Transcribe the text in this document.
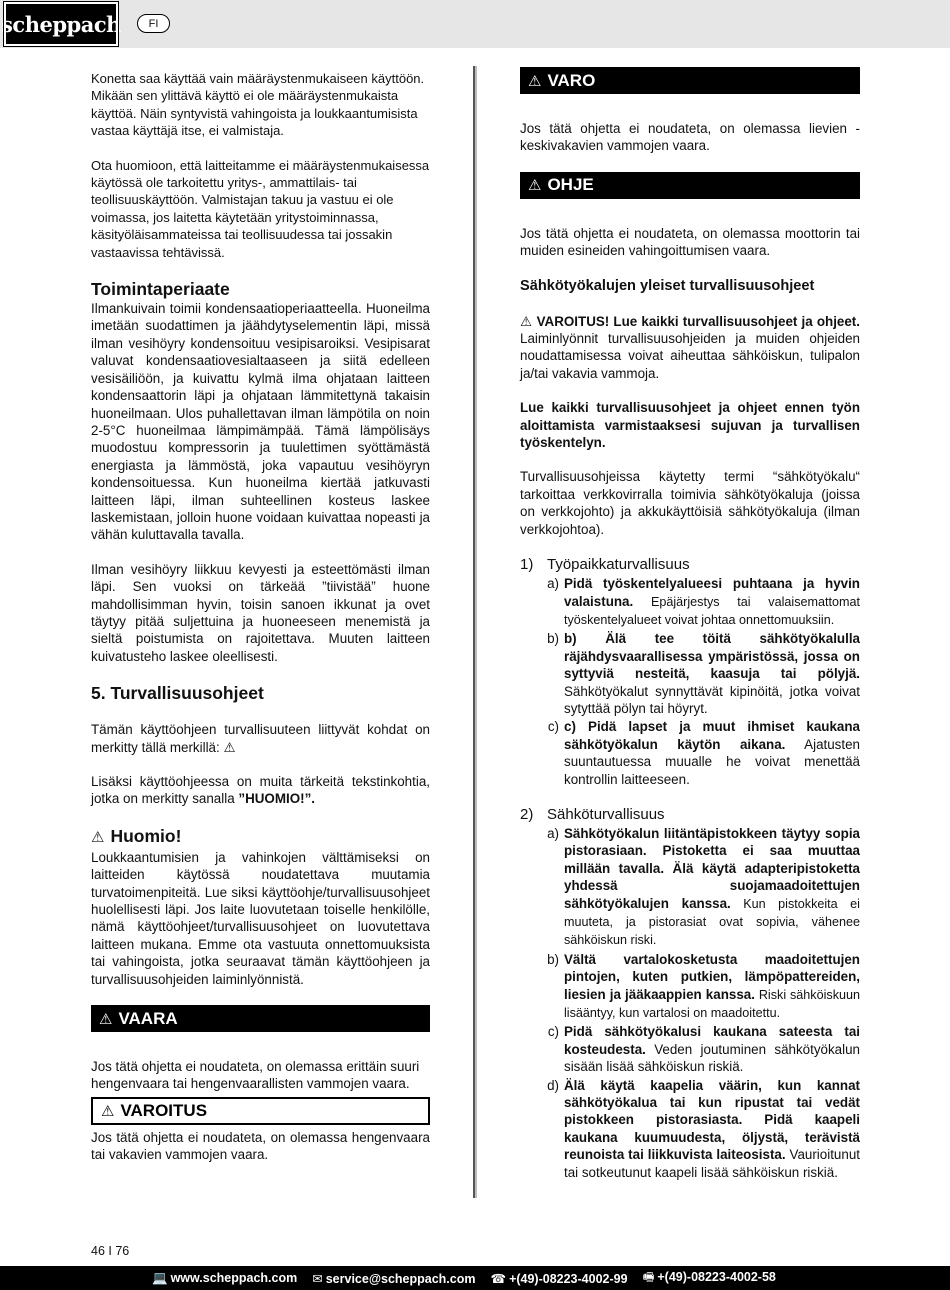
scheppach	FI

Konetta saa käyttää vain määräystenmukaiseen käyttöön. Mikään sen ylittävä käyttö ei ole määräystenmukaista käyttöä. Näin syntyvistä vahingoista ja loukkaantumisista vastaa käyttäjä itse, ei valmistaja.

Ota huomioon, että laitteitamme ei määräystenmukaisessa käytössä ole tarkoitettu yritys-, ammattilais- tai teollisuuskäyttöön. Valmistajan takuu ja vastuu ei ole voimassa, jos laitetta käytetään yritystoiminnassa, käsityöläisammateissa tai teollisuudessa tai jossakin vastaavissa tehtävissä.

Toimintaperiaate

Ilmankuivain toimii kondensaatioperiaatteella. Huoneilma imetään suodattimen ja jäähdytyselementin läpi, missä ilman vesihöyry kondensoituu vesipisaroiksi. Vesipisarat valuvat kondensaatiovesialtaaseen ja siitä edelleen vesisäiliöön, ja kuivattu kylmä ilma ohjataan laitteen kondensaattorin läpi ja ohjataan lämmitettynä takaisin huoneilmaan. Ulos puhallettavan ilman lämpötila on noin 2-5°C huoneilmaa lämpimämpää. Tämä lämpölisäys muodostuu kompressorin ja tuulettimen syöttämästä energiasta ja lämmöstä, joka vapautuu vesihöyryn kondensoituessa. Kun huoneilma kiertää jatkuvasti laitteen läpi, ilman suhteellinen kosteus laskee laskemistaan, jolloin huone voidaan kuivattaa nopeasti ja vähän kuluttavalla tavalla.

Ilman vesihöyry liikkuu kevyesti ja esteettömästi ilman läpi. Sen vuoksi on tärkeää ”tiivistää” huone mahdollisimman hyvin, toisin sanoen ikkunat ja ovet täytyy pitää suljettuina ja huoneeseen menemistä ja sieltä poistumista on rajoitettava. Muuten laitteen kuivatusteho laskee oleellisesti.

5. Turvallisuusohjeet

Tämän käyttöohjeen turvallisuuteen liittyvät kohdat on merkitty tällä merkillä: ⚠

Lisäksi käyttöohjeessa on muita tärkeitä tekstinkohtia, jotka on merkitty sanalla ”HUOMIO!”.

⚠ Huomio!

Loukkaantumisien ja vahinkojen välttämiseksi on laitteiden käytössä noudatettava muutamia turvatoimenpiteitä. Lue siksi käyttöohje/turvallisuusohjeet huolellisesti läpi. Jos laite luovutetaan toiselle henkilölle, nämä käyttöohjeet/turvallisuusohjeet on luovutettava laitteen mukana. Emme ota vastuuta onnettomuuksista tai vahingoista, jotka seuraavat tämän käyttöohjeen ja turvallisuusohjeiden laiminlyönnistä.

⚠ VAARA

Jos tätä ohjetta ei noudateta, on olemassa erittäin suuri hengenvaara tai hengenvaarallisten vammojen vaara.

⚠ VAROITUS

Jos tätä ohjetta ei noudateta, on olemassa hengenvaara tai vakavien vammojen vaara.

⚠ VARO

Jos tätä ohjetta ei noudateta, on olemassa lievien - keskivakavien vammojen vaara.

⚠ OHJE

Jos tätä ohjetta ei noudateta, on olemassa moottorin tai muiden esineiden vahingoittumisen vaara.

Sähkötyökalujen yleiset turvallisuusohjeet

⚠ VAROITUS! Lue kaikki turvallisuusohjeet ja ohjeet. Laiminlyönnit turvallisuusohjeiden ja muiden ohjeiden noudattamisessa voivat aiheuttaa sähköiskun, tulipalon ja/tai vakavia vammoja.

Lue kaikki turvallisuusohjeet ja ohjeet ennen työn aloittamista varmistaaksesi sujuvan ja turvallisen työskentelyn.

Turvallisuusohjeissa käytetty termi “sähkötyökalu“ tarkoittaa verkkovirralla toimivia sähkötyökaluja (joissa on verkkojohto) ja akkukäyttöisiä sähkötyökaluja (ilman verkkojohtoa).

1) Työpaikkaturvallisuus
a) Pidä työskentelyalueesi puhtaana ja hyvin valaistuna. Epäjärjestys tai valaisemattomat työskentelyalueet voivat johtaa onnettomuuksiin.

b) b) Älä tee töitä sähkötyökalulla räjähdysvaarallisessa ympäristössä, jossa on syttyviä nesteitä, kaasuja tai pölyjä. Sähkötyökalut synnyttävät kipinöitä, jotka voivat sytyttää pölyn tai höyryt.

c) c) Pidä lapset ja muut ihmiset kaukana sähkötyökalun käytön aikana. Ajatusten suuntautuessa muualle he voivat menettää kontrollin laitteeseen.

2) Sähköturvallisuus
a) Sähkötyökalun liitäntäpistokkeen täytyy sopia pistorasiaan. Pistoketta ei saa muuttaa millään tavalla. Älä käytä adapteripistoketta yhdessä suojamaadoitettujen sähkötyökalujen kanssa. Kun pistokkeita ei muuteta, ja pistorasiat ovat sopivia, vähenee sähköiskun riski.

b) Vältä vartalokosketusta maadoitettujen pintojen, kuten putkien, lämpöpattereiden, liesien ja jääkaappien kanssa. Riski sähköiskuun lisääntyy, kun vartalosi on maadoitettu.

c) Pidä sähkötyökalusi kaukana sateesta tai kosteudesta. Veden joutuminen sähkötyökalun sisään lisää sähköiskun riskiä.

d) Älä käytä kaapelia väärin, kun kannat sähkötyökalua tai kun ripustat tai vedät pistokkeen pistorasiasta. Pidä kaapeli kaukana kuumuudesta, öljystä, terävistä reunoista tai liikkuvista laiteosista. Vaurioitunut tai sotkeutunut kaapeli lisää sähköiskun riskiä.

46 I 76
💻 www.scheppach.com ✉ service@scheppach.com ☎ +(49)-08223-4002-99 🖷 +(49)-08223-4002-58
